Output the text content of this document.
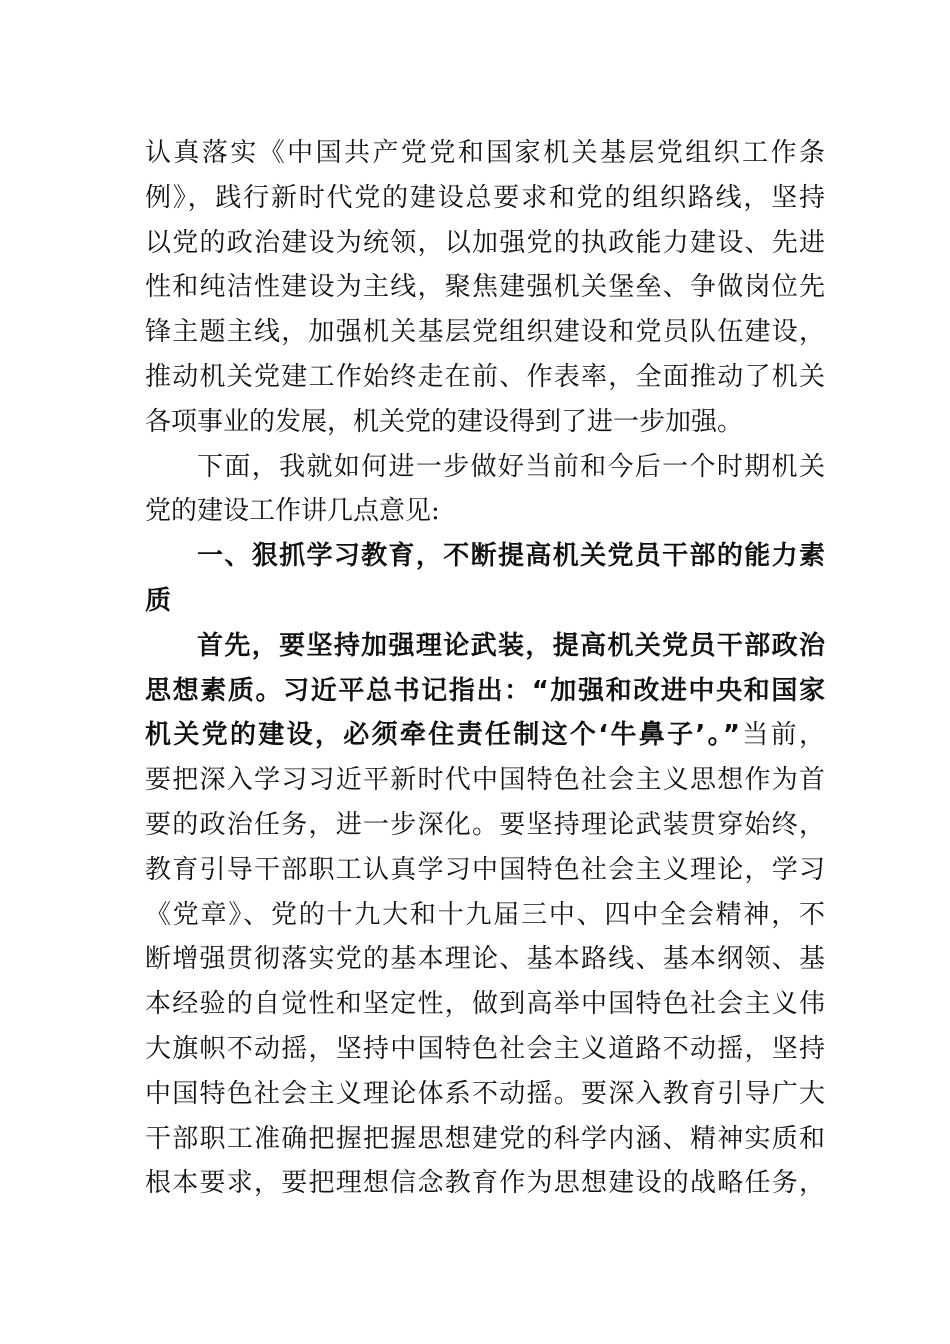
认真落实《中国共产党党和国家机关基层党组织工作条
例》，践行新时代党的建设总要求和党的组织路线，坚持
以党的政治建设为统领，以加强党的执政能力建设、先进
性和纯洁性建设为主线，聚焦建强机关堡垒、争做岗位先
锋主题主线，加强机关基层党组织建设和党员队伍建设，
推动机关党建工作始终走在前、作表率，全面推动了机关
各项事业的发展，机关党的建设得到了进一步加强。
下面，我就如何进一步做好当前和今后一个时期机关
党的建设工作讲几点意见:
一、狠抓学习教育，不断提高机关党员干部的能力素
质
首先，要坚持加强理论武装，提高机关党员干部政治
思想素质。习近平总书记指出：“加强和改进中央和国家
机关党的建设，必须牵住责任制这个‘牛鼻子’。”当前，
要把深入学习习近平新时代中国特色社会主义思想作为首
要的政治任务，进一步深化。要坚持理论武装贯穿始终，
教育引导干部职工认真学习中国特色社会主义理论，学习
《党章》、党的十九大和十九届三中、四中全会精神，不
断增强贯彻落实党的基本理论、基本路线、基本纲领、基
本经验的自觉性和坚定性，做到高举中国特色社会主义伟
大旗帜不动摇，坚持中国特色社会主义道路不动摇，坚持
中国特色社会主义理论体系不动摇。要深入教育引导广大
干部职工准确把握把握思想建党的科学内涵、精神实质和
根本要求，要把理想信念教育作为思想建设的战略任务，
